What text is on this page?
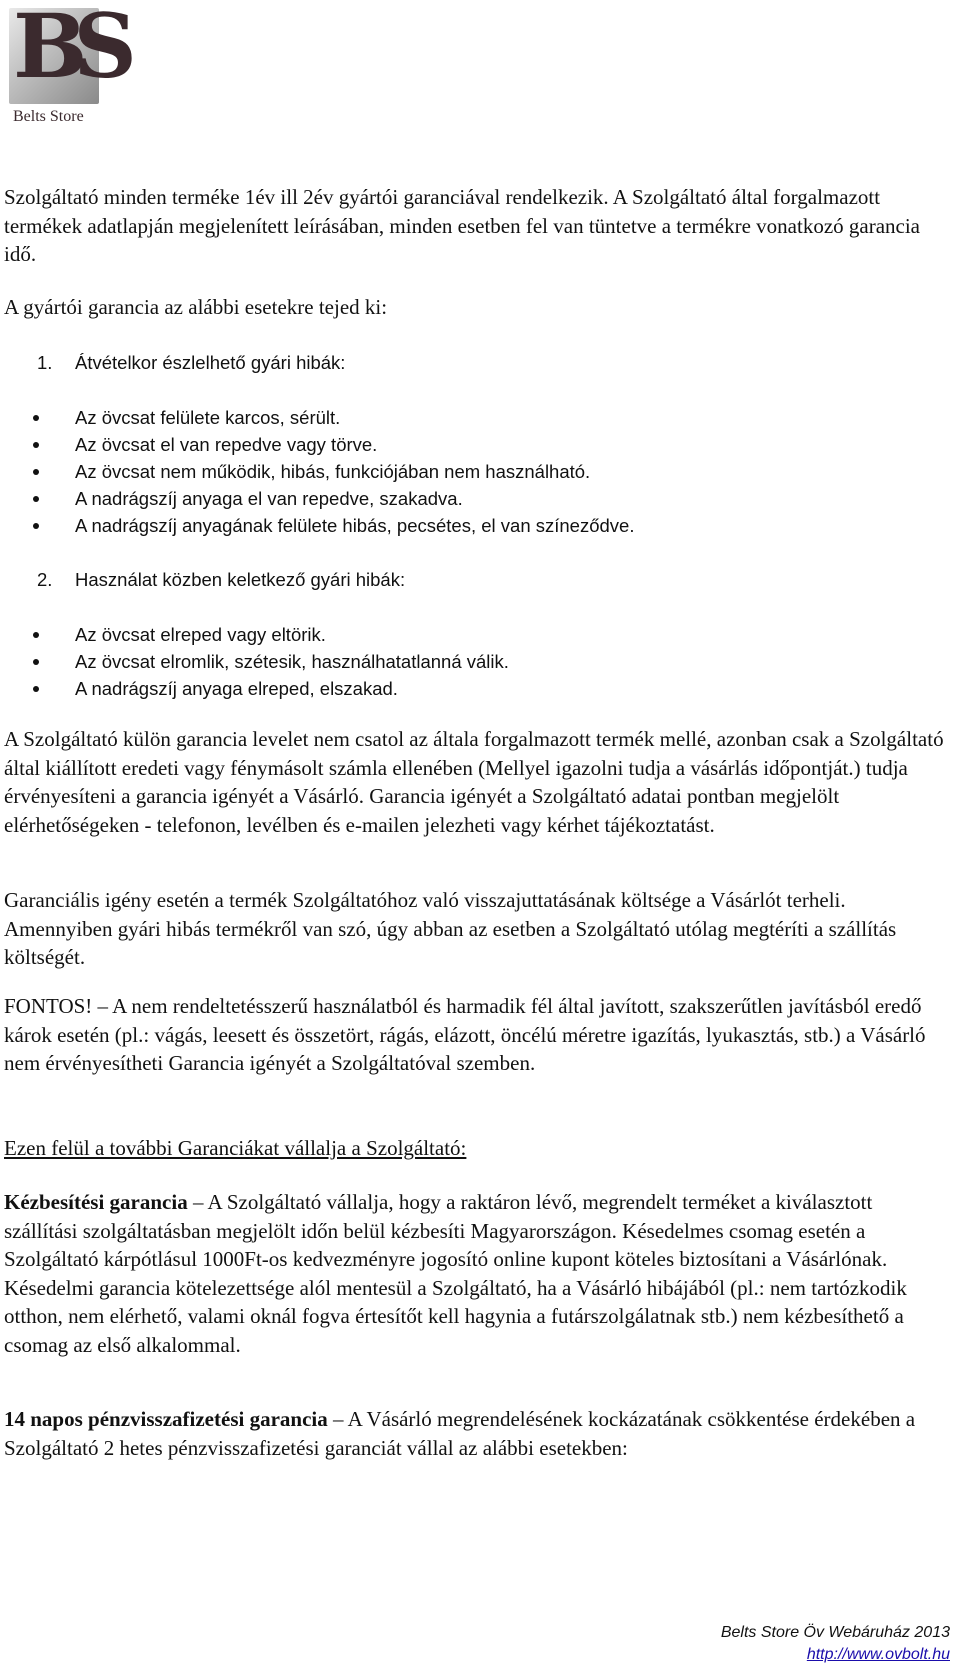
BS
Belts Store

Szolgáltató minden terméke 1év ill 2év gyártói garanciával rendelkezik. A Szolgáltató által forgalmazott termékek adatlapján megjelenített leírásában, minden esetben fel van tüntetve a termékre vonatkozó garancia idő.

A gyártói garancia az alábbi esetekre tejed ki:

1. Átvételkor észlelhető gyári hibák:
Az övcsat felülete karcos, sérült.
Az övcsat el van repedve vagy törve.
Az övcsat nem működik, hibás, funkciójában nem használható.
A nadrágszíj anyaga el van repedve, szakadva.
A nadrágszíj anyagának felülete hibás, pecsétes, el van színeződve.
2. Használat közben keletkező gyári hibák:
Az övcsat elreped vagy eltörik.
Az övcsat elromlik, szétesik, használhatatlanná válik.
A nadrágszíj anyaga elreped, elszakad.

A Szolgáltató külön garancia levelet nem csatol az általa forgalmazott termék mellé, azonban csak a Szolgáltató által kiállított eredeti vagy fénymásolt számla ellenében (Mellyel igazolni tudja a vásárlás időpontját.) tudja érvényesíteni a garancia igényét a Vásárló. Garancia igényét a Szolgáltató adatai pontban megjelölt elérhetőségeken - telefonon, levélben és e-mailen jelezheti vagy kérhet tájékoztatást.

Garanciális igény esetén a termék Szolgáltatóhoz való visszajuttatásának költsége a Vásárlót terheli. Amennyiben gyári hibás termékről van szó, úgy abban az esetben a Szolgáltató utólag megtéríti a szállítás költségét.

FONTOS! – A nem rendeltetésszerű használatból és harmadik fél által javított, szakszerűtlen javításból eredő károk esetén (pl.: vágás, leesett és összetört, rágás, elázott, öncélú méretre igazítás, lyukasztás, stb.) a Vásárló nem érvényesítheti Garancia igényét a Szolgáltatóval szemben.

Ezen felül a további Garanciákat vállalja a Szolgáltató:

Kézbesítési garancia – A Szolgáltató vállalja, hogy a raktáron lévő, megrendelt terméket a kiválasztott szállítási szolgáltatásban megjelölt időn belül kézbesíti Magyarországon. Késedelmes csomag esetén a Szolgáltató kárpótlásul 1000Ft-os kedvezményre jogosító online kupont köteles biztosítani a Vásárlónak. Késedelmi garancia kötelezettsége alól mentesül a Szolgáltató, ha a Vásárló hibájából (pl.: nem tartózkodik otthon, nem elérhető, valami oknál fogva értesítőt kell hagynia a futárszolgálatnak stb.) nem kézbesíthető a csomag az első alkalommal.

14 napos pénzvisszafizetési garancia – A Vásárló megrendelésének kockázatának csökkentése érdekében a Szolgáltató 2 hetes pénzvisszafizetési garanciát vállal az alábbi esetekben:

Belts Store Öv Webáruház 2013
http://www.ovbolt.hu
